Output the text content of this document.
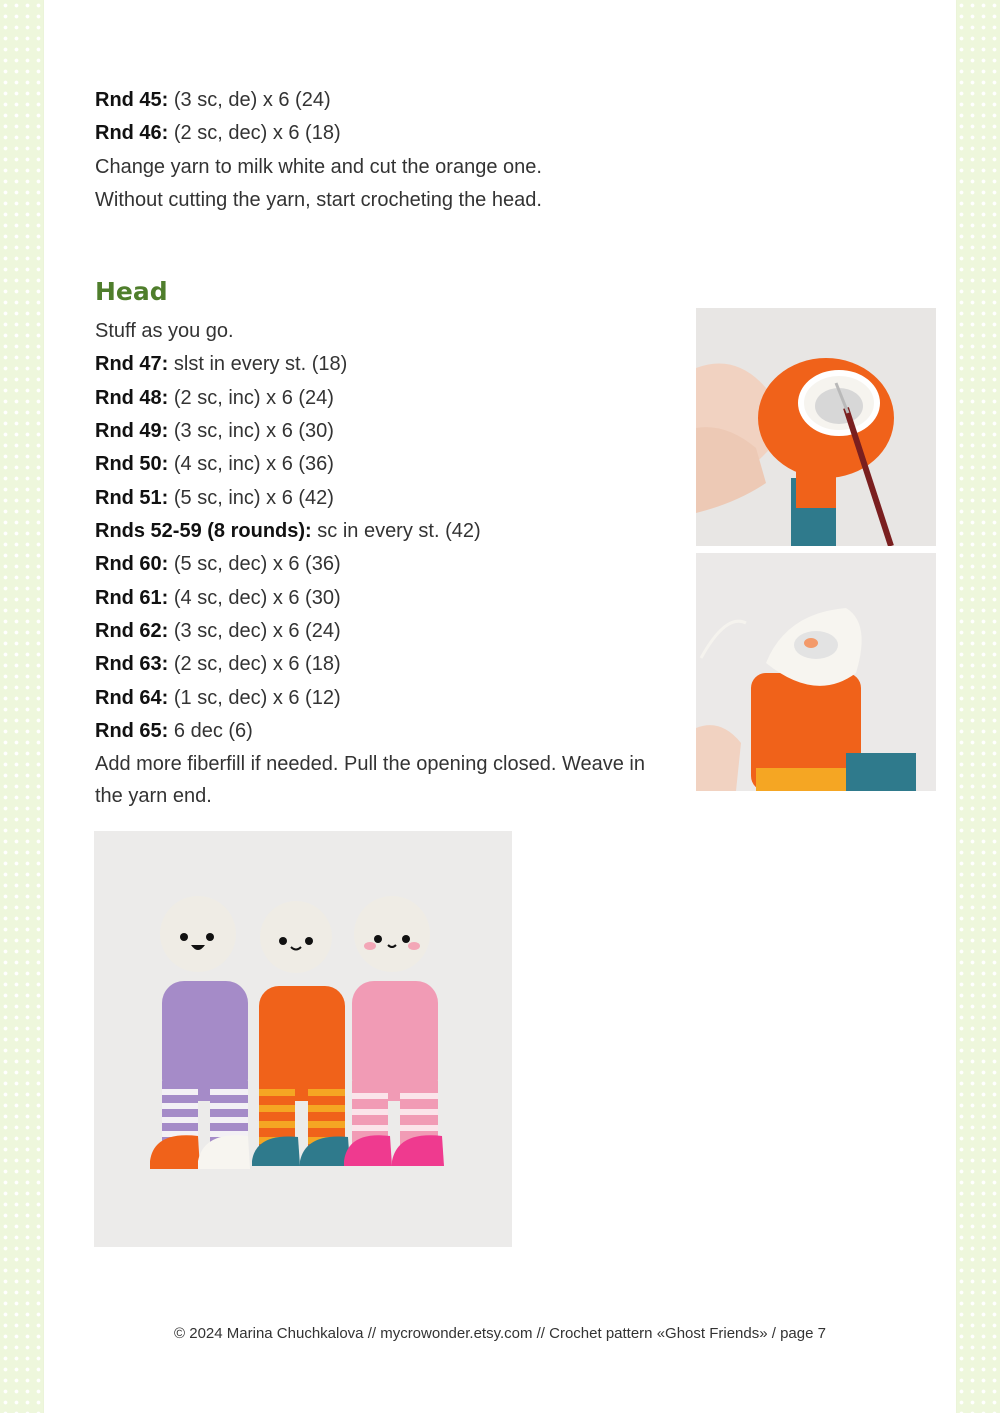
Rnd 45: (3 sc, de) x 6 (24)
Rnd 46: (2 sc, dec) x 6 (18)
Change yarn to milk white and cut the orange one.
Without cutting the yarn, start crocheting the head.
Head
Stuff as you go.
Rnd 47: slst in every st. (18)
Rnd 48: (2 sc, inc) x 6 (24)
Rnd 49: (3 sc, inc) x 6 (30)
Rnd 50: (4 sc, inc) x 6 (36)
Rnd 51: (5 sc, inc) x 6 (42)
Rnds 52-59 (8 rounds): sc in every st. (42)
Rnd 60: (5 sc, dec) x 6 (36)
Rnd 61: (4 sc, dec) x 6 (30)
Rnd 62: (3 sc, dec) x 6 (24)
Rnd 63: (2 sc, dec) x 6 (18)
Rnd 64: (1 sc, dec) x 6 (12)
Rnd 65: 6 dec (6)
Add more fiberfill if needed. Pull the opening closed. Weave in
the yarn end.
© 2024 Marina Chuchkalova // mycrowonder.etsy.com // Crochet pattern «Ghost Friends» / page 7
